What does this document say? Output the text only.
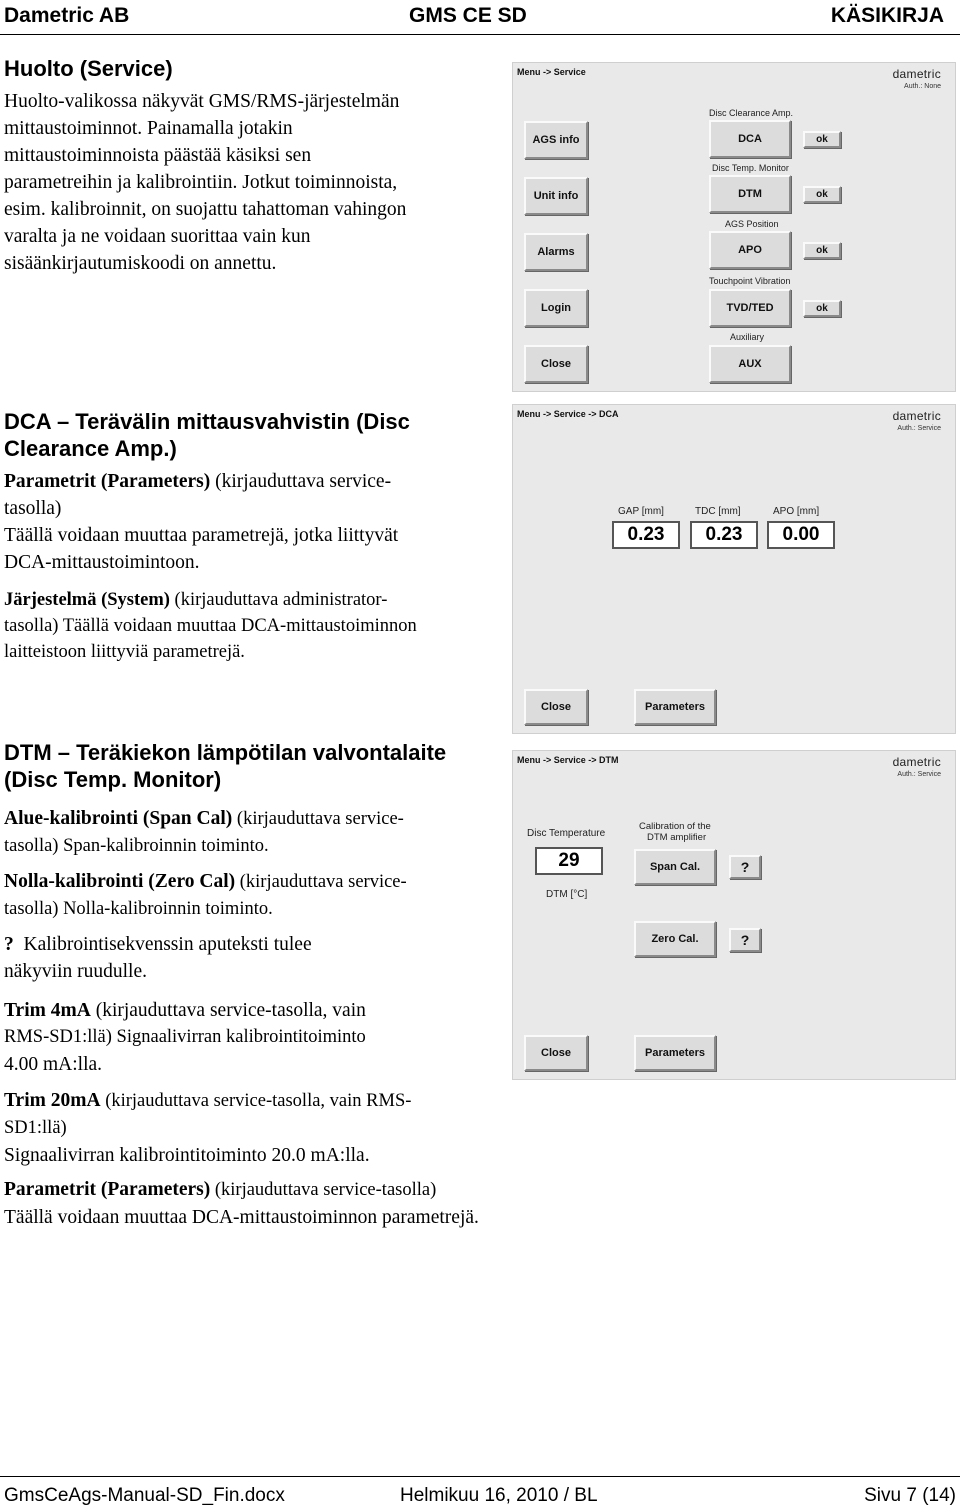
Dametric AB	GMS CE SD	KÄSIKIRJA
Huolto (Service)
Huolto-valikossa näkyvät GMS/RMS-järjestelmän
mittaustoiminnot. Painamalla jotakin
mittaustoiminnoista päästää käsiksi sen
parametreihin ja kalibrointiin. Jotkut toiminnoista,
esim. kalibroinnit, on suojattu tahattoman vahingon
varalta ja ne voidaan suorittaa vain kun
sisäänkirjautumiskoodi on annettu.
Menu -> Service	dametric
Auth.: None
AGS info
Unit info
Alarms
Login
Close
Disc Clearance Amp.
DCA	ok
Disc Temp. Monitor
DTM	ok
AGS Position
APO	ok
Touchpoint Vibration
TVD/TED	ok
Auxiliary
AUX
DCA – Terävälin mittausvahvistin (Disc
Clearance Amp.)
Parametrit (Parameters) (kirjauduttava service-
tasolla)
Täällä voidaan muuttaa parametrejä, jotka liittyvät
DCA-mittaustoimintoon.
Järjestelmä (System) (kirjauduttava administrator-
tasolla) Täällä voidaan muuttaa DCA-mittaustoiminnon
laitteistoon liittyviä parametrejä.
Menu -> Service -> DCA	dametric
Auth.: Service
GAP [mm]	TDC [mm]	APO [mm]
0.23	0.23	0.00
Close	Parameters
DTM – Teräkiekon lämpötilan valvontalaite
(Disc Temp. Monitor)
Alue-kalibrointi (Span Cal) (kirjauduttava service-
tasolla) Span-kalibroinnin toiminto.
Nolla-kalibrointi (Zero Cal) (kirjauduttava service-
tasolla) Nolla-kalibroinnin toiminto.
?  Kalibrointisekvenssin aputeksti tulee
näkyviin ruudulle.
Trim 4mA (kirjauduttava service-tasolla, vain
RMS-SD1:llä) Signaalivirran kalibrointitoiminto
4.00 mA:lla.
Trim 20mA (kirjauduttava service-tasolla, vain RMS-
SD1:llä)
Signaalivirran kalibrointitoiminto 20.0 mA:lla.
Parametrit (Parameters) (kirjauduttava service-tasolla)
Täällä voidaan muuttaa DCA-mittaustoiminnon parametrejä.
Menu -> Service -> DTM	dametric
Auth.: Service
Disc Temperature
29
DTM [°C]
Calibration of the
DTM amplifier
Span Cal.	?
Zero Cal.	?
Close	Parameters
GmsCeAgs-Manual-SD_Fin.docx	Helmikuu 16, 2010 / BL	Sivu 7 (14)
